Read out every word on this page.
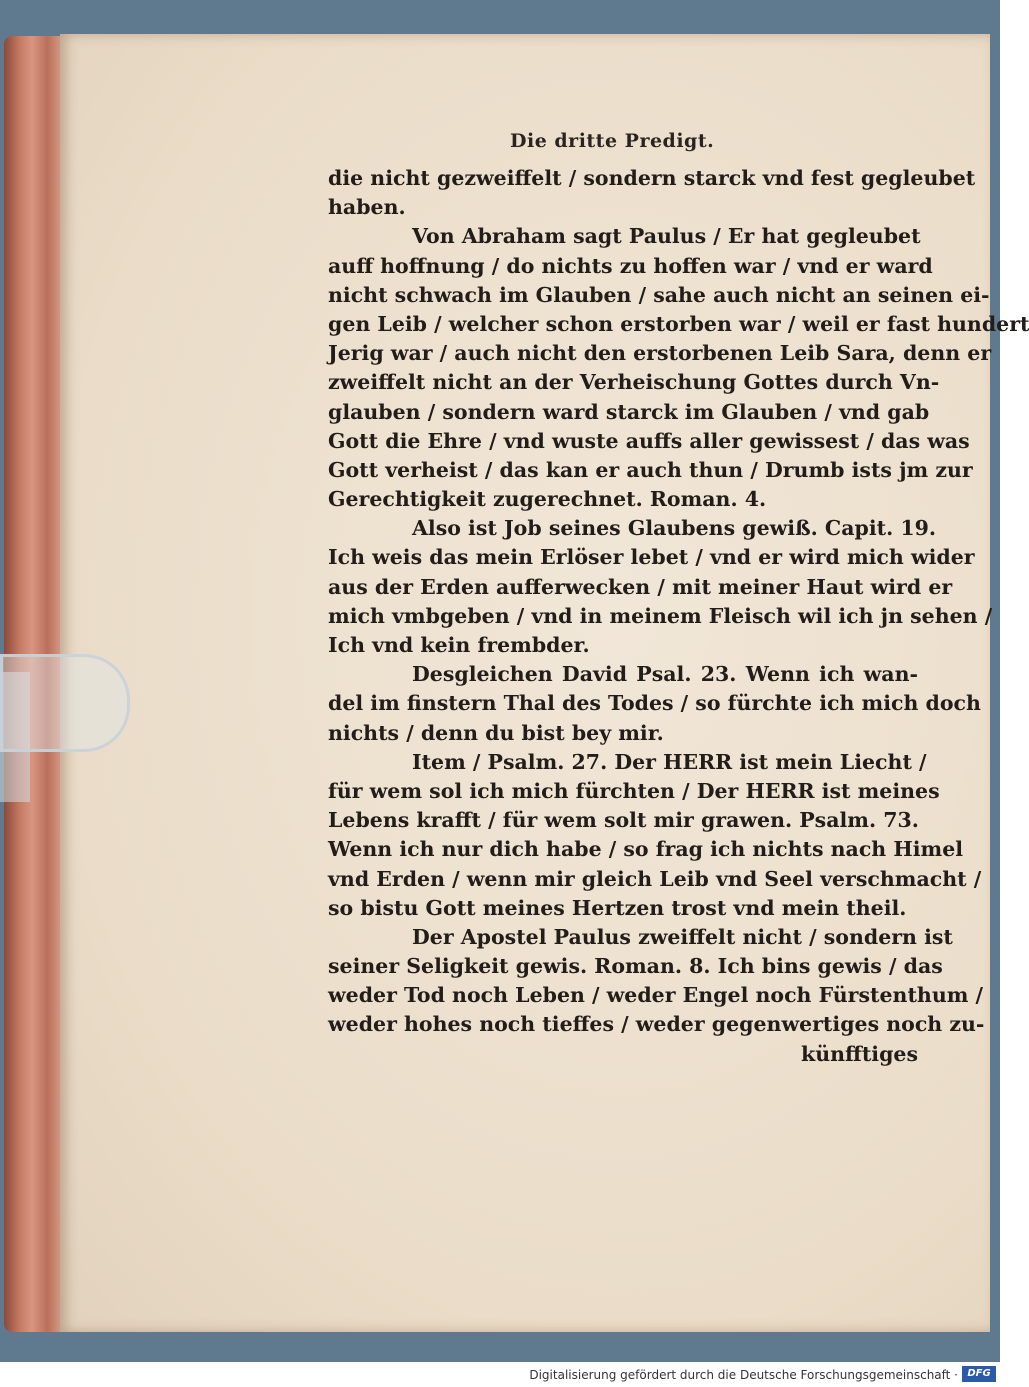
Die dritte Predigt.
die nicht gezweiffelt / sondern starck vnd fest gegleubet
haben.
Von Abraham sagt Paulus / Er hat gegleubet
auff hoffnung / do nichts zu hoffen war / vnd er ward
nicht schwach im Glauben / sahe auch nicht an seinen ei-
gen Leib / welcher schon erstorben war / weil er fast hundert
Jerig war / auch nicht den erstorbenen Leib Sara, denn er
zweiffelt nicht an der Verheischung Gottes durch Vn-
glauben / sondern ward starck im Glauben / vnd gab
Gott die Ehre / vnd wuste auffs aller gewissest / das was
Gott verheist / das kan er auch thun / Drumb ists jm zur
Gerechtigkeit zugerechnet. Roman. 4.
Also ist Job seines Glaubens gewiß. Capit. 19.
Ich weis das mein Erlöser lebet / vnd er wird mich wider
aus der Erden aufferwecken / mit meiner Haut wird er
mich vmbgeben / vnd in meinem Fleisch wil ich jn sehen /
Ich vnd kein frembder.
Desgleichen David Psal. 23. Wenn ich wan-
del im finstern Thal des Todes / so fürchte ich mich doch
nichts / denn du bist bey mir.
Item / Psalm. 27. Der HERR ist mein Liecht /
für wem sol ich mich fürchten / Der HERR ist meines
Lebens krafft / für wem solt mir grawen. Psalm. 73.
Wenn ich nur dich habe / so frag ich nichts nach Himel
vnd Erden / wenn mir gleich Leib vnd Seel verschmacht /
so bistu Gott meines Hertzen trost vnd mein theil.
Der Apostel Paulus zweiffelt nicht / sondern ist
seiner Seligkeit gewis. Roman. 8. Ich bins gewis / das
weder Tod noch Leben / weder Engel noch Fürstenthum /
weder hohes noch tieffes / weder gegenwertiges noch zu-
künfftiges
Digitalisierung gefördert durch die Deutsche Forschungsgemeinschaft · DFG
